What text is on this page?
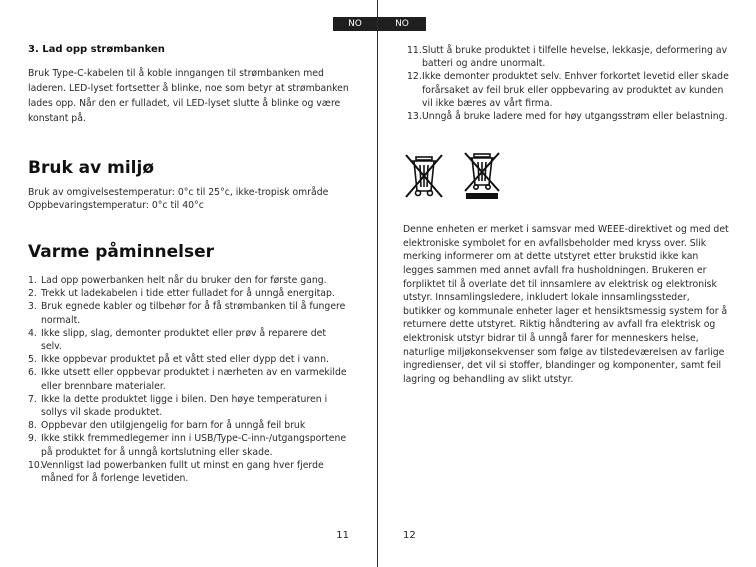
NO

3. Lad opp strømbanken

Bruk Type-C-kabelen til å koble inngangen til strømbanken med laderen. LED-lyset fortsetter å blinke, noe som betyr at strømbanken lades opp. Når den er fulladet, vil LED-lyset slutte å blinke og være konstant på.

Bruk av miljø

Bruk av omgivelsestemperatur: 0°c til 25°c, ikke-tropisk område

Oppbevaringstemperatur: 0°c til 40°c

Varme påminnelser
1. Lad opp powerbanken helt når du bruker den for første gang.
2. Trekk ut ladekabelen i tide etter fulladet for å unngå energitap.
3. Bruk egnede kabler og tilbehør for å få strømbanken til å fungere normalt.
4. Ikke slipp, slag, demonter produktet eller prøv å reparere det selv.
5. Ikke oppbevar produktet på et vått sted eller dypp det i vann.
6. Ikke utsett eller oppbevar produktet i nærheten av en varmekilde eller brennbare materialer.
7. Ikke la dette produktet ligge i bilen. Den høye temperaturen i sollys vil skade produktet.
8. Oppbevar den utilgjengelig for barn for å unngå feil bruk
9. Ikke stikk fremmedlegemer inn i USB/Type-C-inn-/utgangsportene på produktet for å unngå kortslutning eller skade.
10.
Vennligst lad powerbanken fullt ut minst en gang hver fjerde måned for å forlenge levetiden.
11
NO
11. Slutt å bruke produktet i tilfelle hevelse, lekkasje, deformering av batteri og andre unormalt.
12. Ikke demonter produktet selv. Enhver forkortet levetid eller skade forårsaket av feil bruk eller oppbevaring av produktet av kunden vil ikke bæres av vårt firma.
13. Unngå å bruke ladere med for høy utgangsstrøm eller belastning.

Denne enheten er merket i samsvar med WEEE-direktivet og med det elektroniske symbolet for en avfallsbeholder med kryss over. Slik merking informerer om at dette utstyret etter brukstid ikke kan legges sammen med annet avfall fra husholdningen. Brukeren er forpliktet til å overlate det til innsamlere av elektrisk og elektronisk utstyr. Innsamlingsledere, inkludert lokale innsamlingssteder, butikker og kommunale enheter lager et hensiktsmessig system for å returnere dette utstyret. Riktig håndtering av avfall fra elektrisk og elektronisk utstyr bidrar til å unngå farer for menneskers helse, naturlige miljøkonsekvenser som følge av tilstedeværelsen av farlige ingredienser, det vil si stoffer, blandinger og komponenter, samt feil lagring og behandling av slikt utstyr.

12
